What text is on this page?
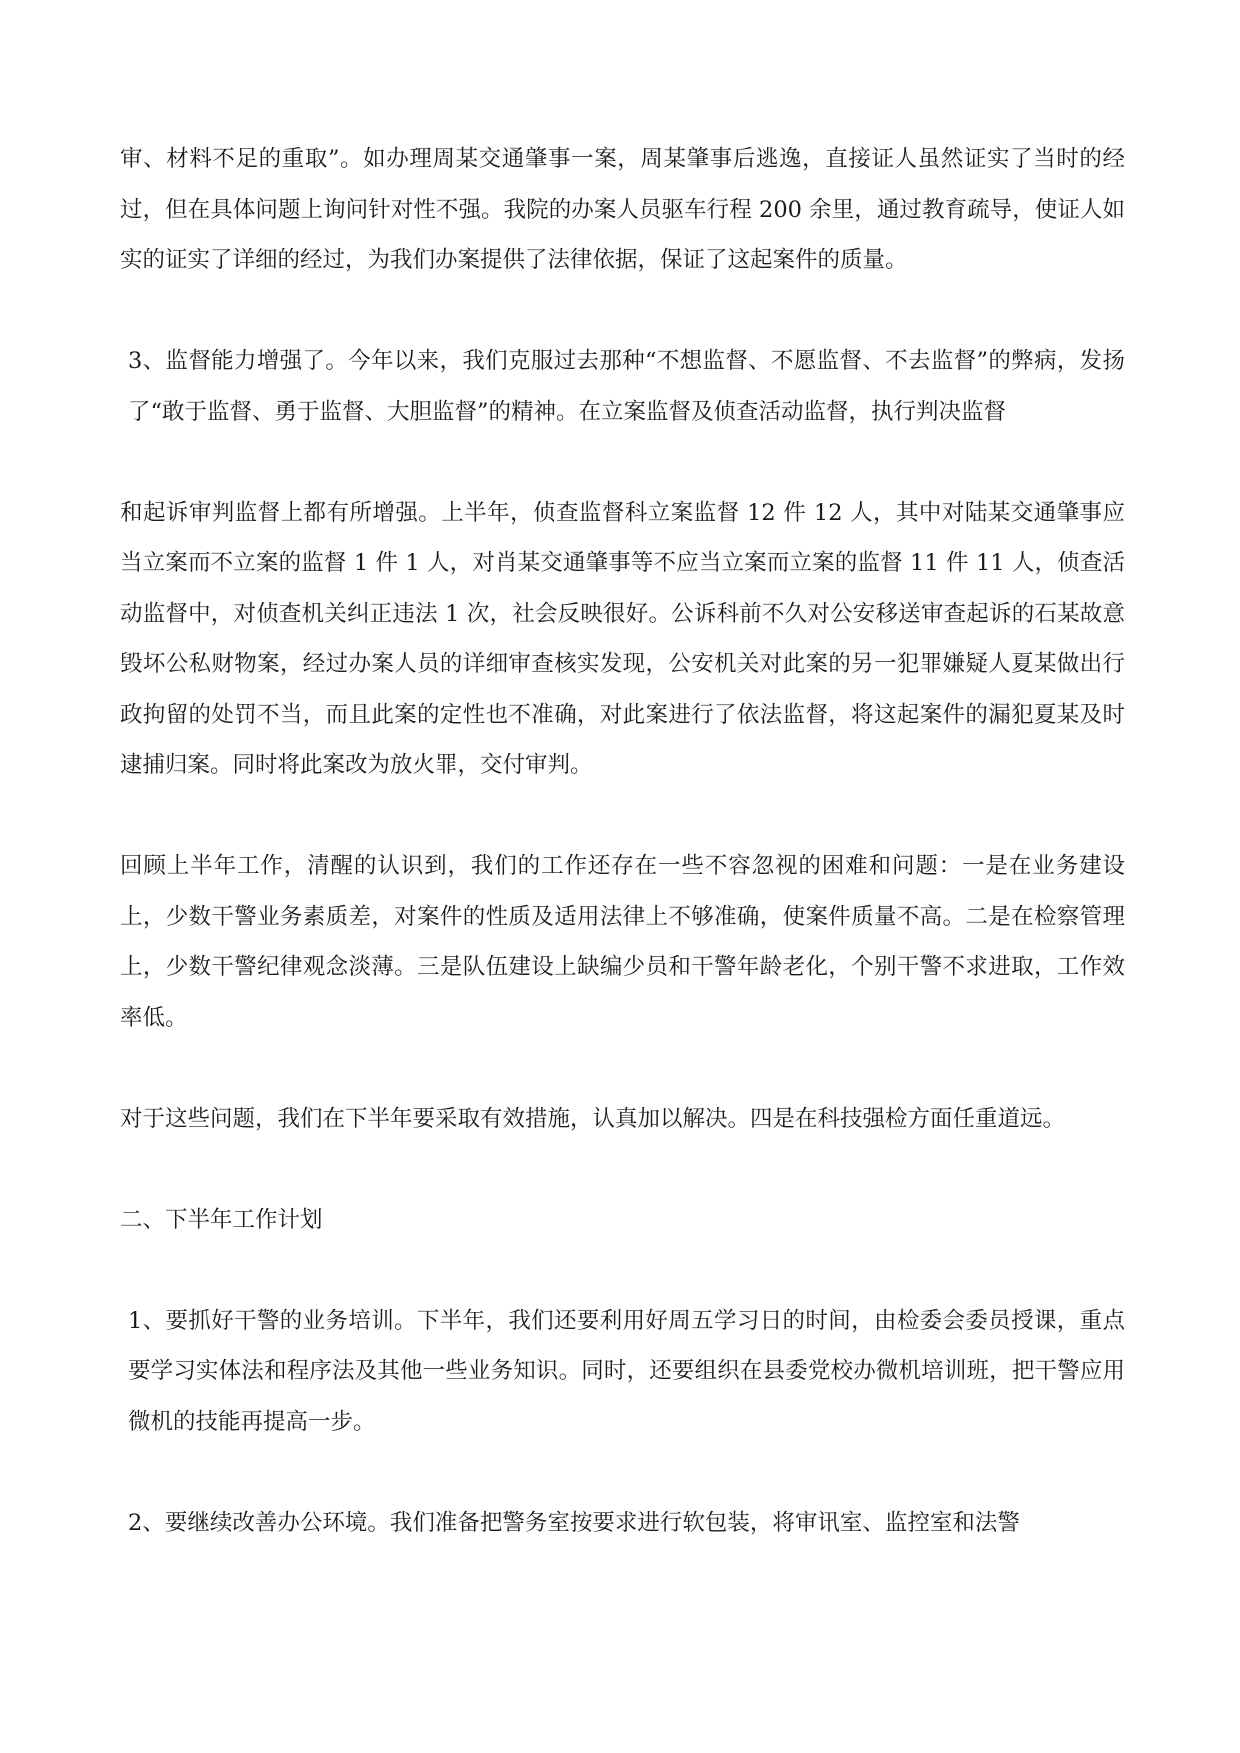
审、材料不足的重取”。如办理周某交通肇事一案，周某肇事后逃逸，直接证人虽然证实了当时的经过，但在具体问题上询问针对性不强。我院的办案人员驱车行程 200 余里，通过教育疏导，使证人如实的证实了详细的经过，为我们办案提供了法律依据，保证了这起案件的质量。

3、监督能力增强了。今年以来，我们克服过去那种“不想监督、不愿监督、不去监督”的弊病，发扬了“敢于监督、勇于监督、大胆监督”的精神。在立案监督及侦查活动监督，执行判决监督

和起诉审判监督上都有所增强。上半年，侦查监督科立案监督 12 件 12 人，其中对陆某交通肇事应当立案而不立案的监督 1 件 1 人，对肖某交通肇事等不应当立案而立案的监督 11 件 11 人，侦查活动监督中，对侦查机关纠正违法 1 次，社会反映很好。公诉科前不久对公安移送审查起诉的石某故意毁坏公私财物案，经过办案人员的详细审查核实发现，公安机关对此案的另一犯罪嫌疑人夏某做出行政拘留的处罚不当，而且此案的定性也不准确，对此案进行了依法监督，将这起案件的漏犯夏某及时逮捕归案。同时将此案改为放火罪，交付审判。

回顾上半年工作，清醒的认识到，我们的工作还存在一些不容忽视的困难和问题：一是在业务建设上，少数干警业务素质差，对案件的性质及适用法律上不够准确，使案件质量不高。二是在检察管理上，少数干警纪律观念淡薄。三是队伍建设上缺编少员和干警年龄老化，个别干警不求进取，工作效率低。

对于这些问题，我们在下半年要采取有效措施，认真加以解决。四是在科技强检方面任重道远。

二、下半年工作计划

1、要抓好干警的业务培训。下半年，我们还要利用好周五学习日的时间，由检委会委员授课，重点要学习实体法和程序法及其他一些业务知识。同时，还要组织在县委党校办微机培训班，把干警应用微机的技能再提高一步。

2、要继续改善办公环境。我们准备把警务室按要求进行软包装，将审讯室、监控室和法警
